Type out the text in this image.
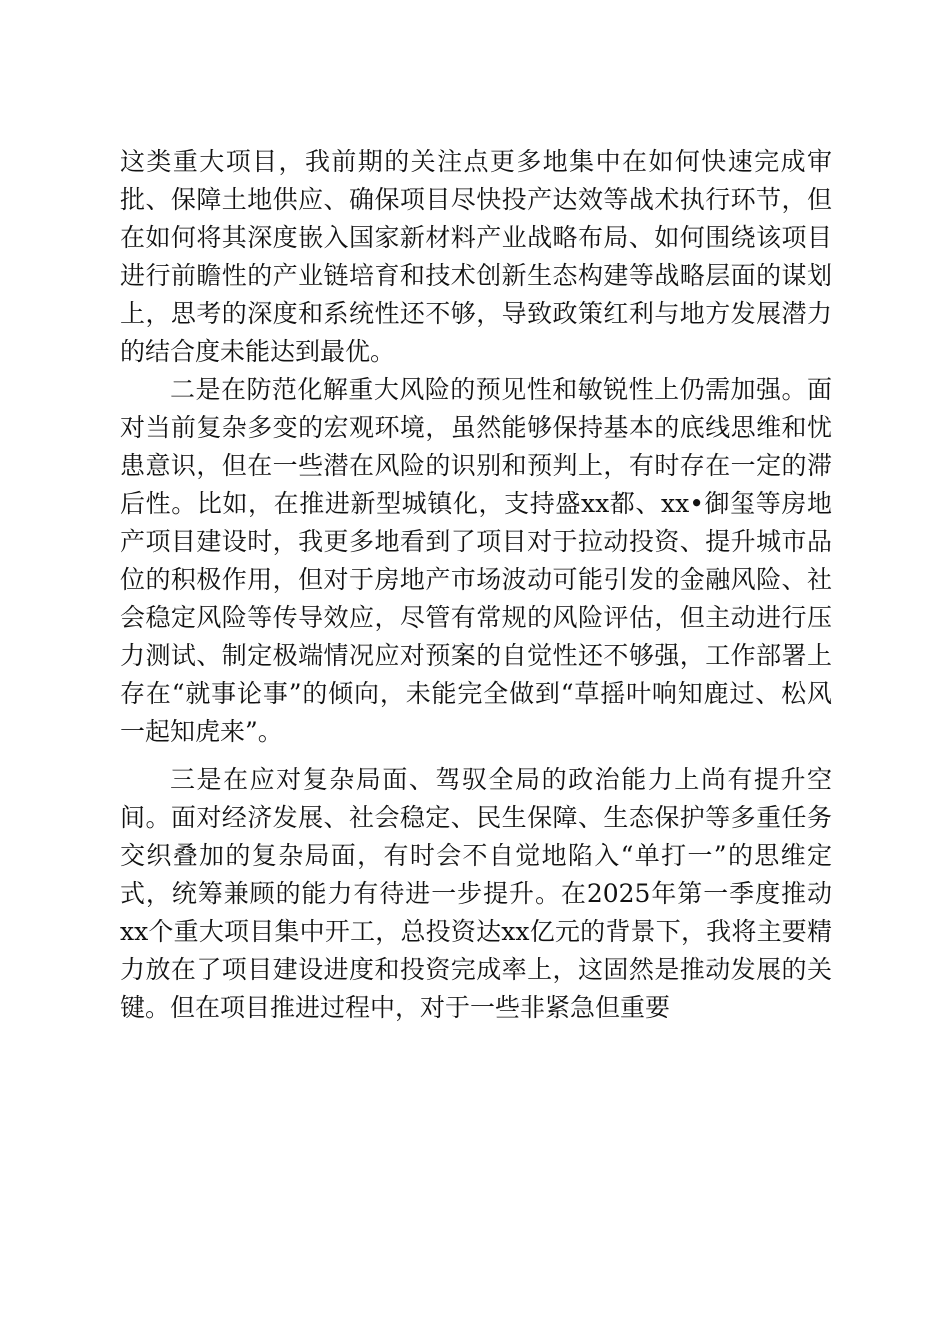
这类重大项目，我前期的关注点更多地集中在如何快速完成审批、保障土地供应、确保项目尽快投产达效等战术执行环节，但在如何将其深度嵌入国家新材料产业战略布局、如何围绕该项目进行前瞻性的产业链培育和技术创新生态构建等战略层面的谋划上，思考的深度和系统性还不够，导致政策红利与地方发展潜力的结合度未能达到最优。

二是在防范化解重大风险的预见性和敏锐性上仍需加强。面对当前复杂多变的宏观环境，虽然能够保持基本的底线思维和忧患意识，但在一些潜在风险的识别和预判上，有时存在一定的滞后性。比如，在推进新型城镇化，支持盛xx都、xx•御玺等房地产项目建设时，我更多地看到了项目对于拉动投资、提升城市品位的积极作用，但对于房地产市场波动可能引发的金融风险、社会稳定风险等传导效应，尽管有常规的风险评估，但主动进行压力测试、制定极端情况应对预案的自觉性还不够强，工作部署上存在“就事论事”的倾向，未能完全做到“草摇叶响知鹿过、松风一起知虎来”。

三是在应对复杂局面、驾驭全局的政治能力上尚有提升空间。面对经济发展、社会稳定、民生保障、生态保护等多重任务交织叠加的复杂局面，有时会不自觉地陷入“单打一”的思维定式，统筹兼顾的能力有待进一步提升。在2025年第一季度推动xx个重大项目集中开工，总投资达xx亿元的背景下，我将主要精力放在了项目建设进度和投资完成率上，这固然是推动发展的关键。但在项目推进过程中，对于一些非紧急但重要
